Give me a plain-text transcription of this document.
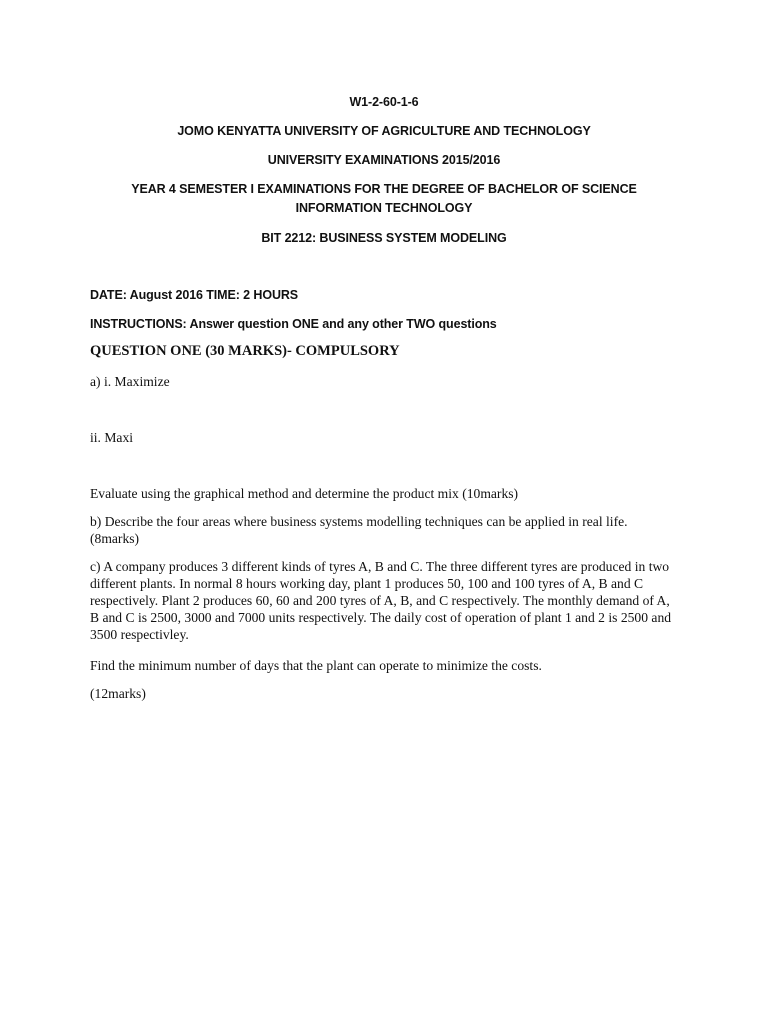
W1-2-60-1-6
JOMO KENYATTA UNIVERSITY OF AGRICULTURE AND TECHNOLOGY
UNIVERSITY EXAMINATIONS 2015/2016
YEAR 4 SEMESTER I EXAMINATIONS FOR THE DEGREE OF BACHELOR OF SCIENCE INFORMATION TECHNOLOGY
BIT 2212: BUSINESS SYSTEM MODELING
DATE: August 2016 TIME: 2 HOURS
INSTRUCTIONS: Answer question ONE and any other TWO questions
QUESTION ONE (30 MARKS)- COMPULSORY
a) i. Maximize
ii. Maxi
Evaluate using the graphical method and determine the product mix (10marks)
b) Describe the four areas where business systems modelling techniques can be applied in real life. (8marks)
c) A company produces 3 different kinds of tyres A, B and C. The three different tyres are produced in two different plants. In normal 8 hours working day, plant 1 produces 50, 100 and 100 tyres of A, B and C respectively. Plant 2 produces 60, 60 and 200 tyres of A, B, and C respectively. The monthly demand of A, B and C is 2500, 3000 and 7000 units respectively. The daily cost of operation of plant 1 and 2 is 2500 and 3500 respectivley.
Find the minimum number of days that the plant can operate to minimize the costs.
(12marks)
